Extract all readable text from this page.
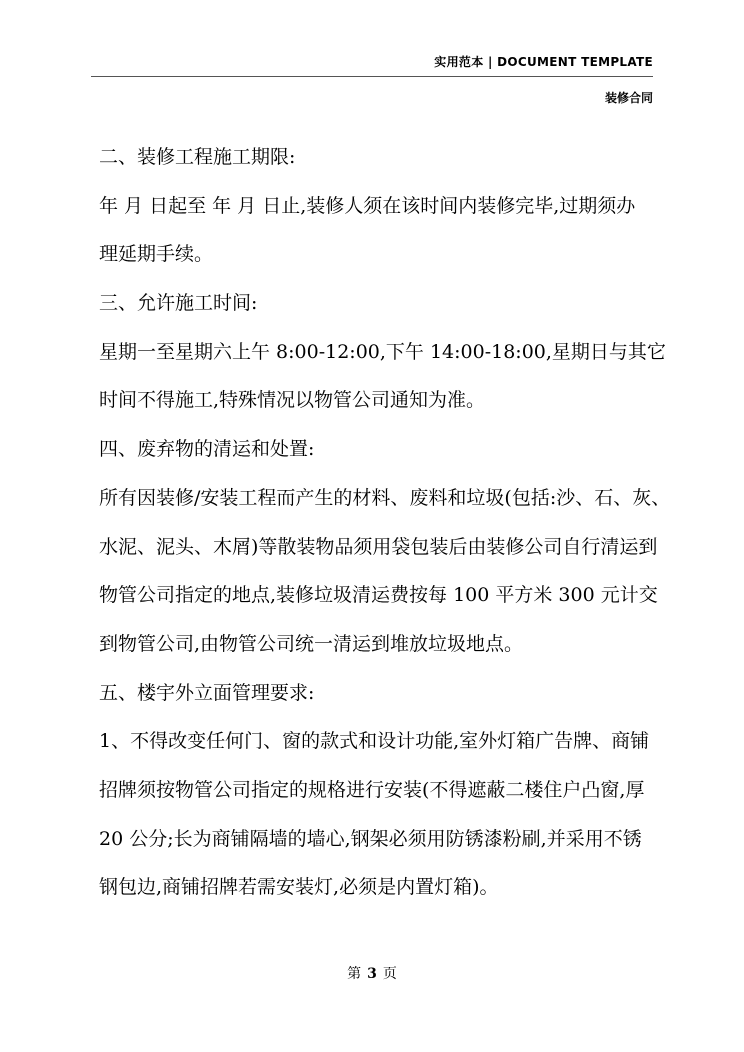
实用范本 | DOCUMENT TEMPLATE
装修合同
二、装修工程施工期限:
年 月 日起至 年 月 日止,装修人须在该时间内装修完毕,过期须办
理延期手续。
三、允许施工时间:
星期一至星期六上午 8:00-12:00,下午 14:00-18:00,星期日与其它
时间不得施工,特殊情况以物管公司通知为准。
四、废弃物的清运和处置:
所有因装修/安装工程而产生的材料、废料和垃圾(包括:沙、石、灰、
水泥、泥头、木屑)等散装物品须用袋包装后由装修公司自行清运到
物管公司指定的地点,装修垃圾清运费按每 100 平方米 300 元计交
到物管公司,由物管公司统一清运到堆放垃圾地点。
五、楼宇外立面管理要求:
1、不得改变任何门、窗的款式和设计功能,室外灯箱广告牌、商铺
招牌须按物管公司指定的规格进行安装(不得遮蔽二楼住户凸窗,厚
20 公分;长为商铺隔墙的墙心,钢架必须用防锈漆粉刷,并采用不锈
钢包边,商铺招牌若需安装灯,必须是内置灯箱)。
第 3 页
